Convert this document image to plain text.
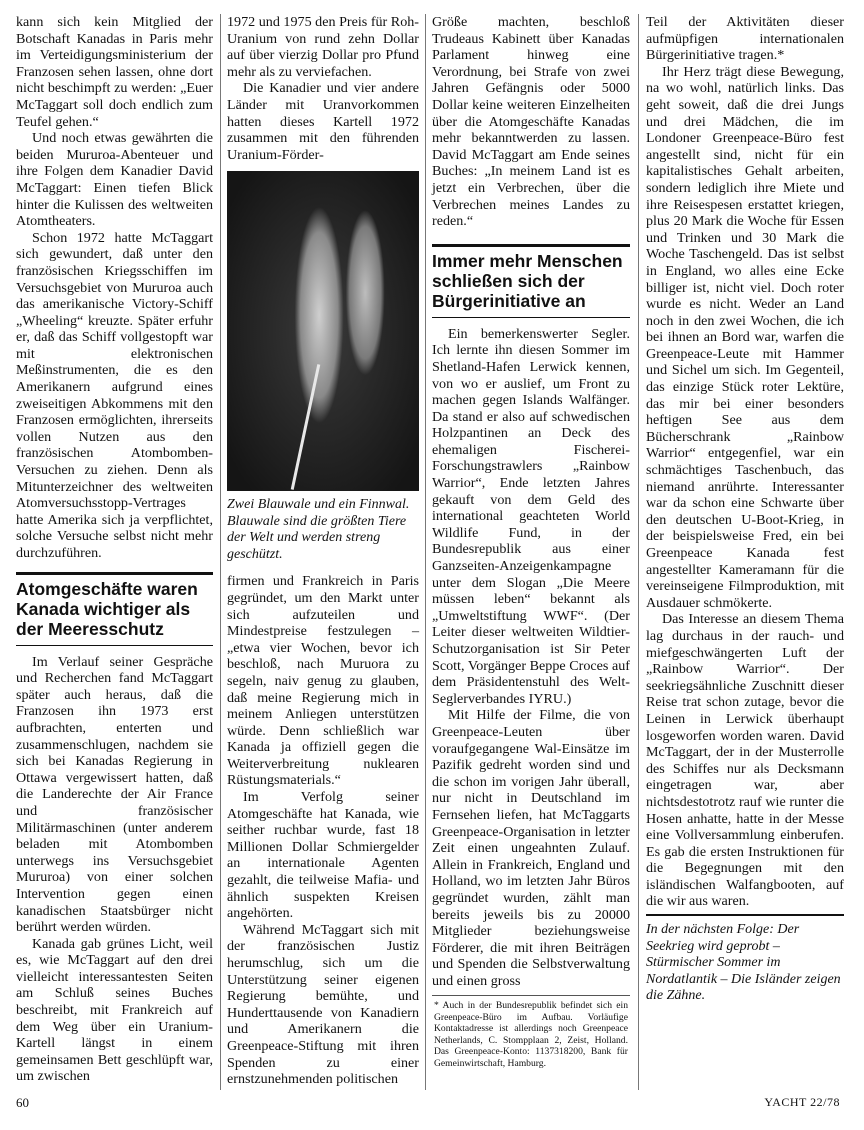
kann sich kein Mitglied der Botschaft Kanadas in Paris mehr im Verteidigungsministerium der Franzosen sehen lassen, ohne dort nicht beschimpft zu werden: „Euer McTaggart soll doch endlich zum Teufel gehen.“

Und noch etwas gewährten die beiden Mururoa-Abenteuer und ihre Folgen dem Kanadier David McTaggart: Einen tiefen Blick hinter die Kulissen des weltweiten Atomtheaters.

Schon 1972 hatte McTaggart sich gewundert, daß unter den französischen Kriegsschiffen im Versuchsgebiet von Mururoa auch das amerikanische Victory-Schiff „Wheeling“ kreuzte. Später erfuhr er, daß das Schiff vollgestopft war mit elektronischen Meßinstrumenten, die es den Amerikanern aufgrund eines zweiseitigen Abkommens mit den Franzosen ermöglichten, ihrerseits vollen Nutzen aus den französischen Atombomben-Versuchen zu ziehen. Denn als Mitunterzeichner des weltweiten Atomversuchsstopp-Vertrages hatte Amerika sich ja verpflichtet, solche Versuche selbst nicht mehr durchzuführen.

Atomgeschäfte waren Kanada wichtiger als der Meeresschutz

Im Verlauf seiner Gespräche und Recherchen fand McTaggart später auch heraus, daß die Franzosen ihn 1973 erst aufbrachten, enterten und zusammenschlugen, nachdem sie sich bei Kanadas Regierung in Ottawa vergewissert hatten, daß die Landerechte der Air France und französischer Militärmaschinen (unter anderem beladen mit Atombomben unterwegs ins Versuchsgebiet Mururoa) von einer solchen Intervention gegen einen kanadischen Staatsbürger nicht berührt werden würden.

Kanada gab grünes Licht, weil es, wie McTaggart auf den drei vielleicht interessantesten Seiten am Schluß seines Buches beschreibt, mit Frankreich auf dem Weg über ein Uranium-Kartell längst in einem gemeinsamen Bett geschlüpft war, um zwischen

1972 und 1975 den Preis für Roh-Uranium von rund zehn Dollar auf über vierzig Dollar pro Pfund mehr als zu verviefachen.

Die Kanadier und vier andere Länder mit Uranvorkommen hatten dieses Kartell 1972 zusammen mit den führenden Uranium-Förder-

Zwei Blauwale und ein Finnwal. Blauwale sind die größten Tiere der Welt und werden streng geschützt.

firmen und Frankreich in Paris gegründet, um den Markt unter sich aufzuteilen und Mindestpreise festzulegen – „etwa vier Wochen, bevor ich beschloß, nach Muruora zu segeln, naiv genug zu glauben, daß meine Regierung mich in meinem Anliegen unterstützen würde. Denn schließlich war Kanada ja offiziell gegen die Weiterverbreitung nuklearen Rüstungsmaterials.“

Im Verfolg seiner Atomgeschäfte hat Kanada, wie seither ruchbar wurde, fast 18 Millionen Dollar Schmiergelder an internationale Agenten gezahlt, die teilweise Mafia- und ähnlich suspekten Kreisen angehörten.

Während McTaggart sich mit der französischen Justiz herumschlug, sich um die Unterstützung seiner eigenen Regierung bemühte, und Hunderttausende von Kanadiern und Amerikanern die Greenpeace-Stiftung mit ihren Spenden zu einer ernstzunehmenden politischen

Größe machten, beschloß Trudeaus Kabinett über Kanadas Parlament hinweg eine Verordnung, bei Strafe von zwei Jahren Gefängnis oder 5000 Dollar keine weiteren Einzelheiten über die Atomgeschäfte Kanadas mehr bekanntwerden zu lassen. David McTaggart am Ende seines Buches: „In meinem Land ist es jetzt ein Verbrechen, über die Verbrechen meines Landes zu reden.“

Immer mehr Menschen schließen sich der Bürgerinitiative an

Ein bemerkenswerter Segler. Ich lernte ihn diesen Sommer im Shetland-Hafen Lerwick kennen, von wo er auslief, um Front zu machen gegen Islands Walfänger. Da stand er also auf schwedischen Holzpantinen an Deck des ehemaligen Fischerei-Forschungstrawlers „Rainbow Warrior“, Ende letzten Jahres gekauft von dem Geld des international geachteten World Wildlife Fund, in der Bundesrepublik aus einer Ganzseiten-Anzeigenkampagne unter dem Slogan „Die Meere müssen leben“ bekannt als „Umweltstiftung WWF“. (Der Leiter dieser weltweiten Wildtier-Schutzorganisation ist Sir Peter Scott, Vorgänger Beppe Croces auf dem Präsidentenstuhl des Welt-Seglerverbandes IYRU.)

Mit Hilfe der Filme, die von Greenpeace-Leuten über voraufgegangene Wal-Einsätze im Pazifik gedreht worden sind und die schon im vorigen Jahr überall, nur nicht in Deutschland im Fernsehen liefen, hat McTaggarts Greenpeace-Organisation in letzter Zeit einen ungeahnten Zulauf. Allein in Frankreich, England und Holland, wo im letzten Jahr Büros gegründet wurden, zählt man bereits jeweils bis zu 20000 Mitglieder beziehungsweise Förderer, die mit ihren Beiträgen und Spenden die Selbstverwaltung und einen gross

* Auch in der Bundesrepublik befindet sich ein Greenpeace-Büro im Aufbau. Vorläufige Kontaktadresse ist allerdings noch Greenpeace Netherlands, C. Stompplaan 2, Zeist, Holland. Das Greenpeace-Konto: 1137318200, Bank für Gemeinwirtschaft, Hamburg.

Teil der Aktivitäten dieser aufmüpfigen internationalen Bürgerinitiative tragen.*

Ihr Herz trägt diese Bewegung, na wo wohl, natürlich links. Das geht soweit, daß die drei Jungs und drei Mädchen, die im Londoner Greenpeace-Büro fest angestellt sind, nicht für ein kapitalistisches Gehalt arbeiten, sondern lediglich ihre Miete und ihre Reisespesen erstattet kriegen, plus 20 Mark die Woche für Essen und Trinken und 30 Mark die Woche Taschengeld. Das ist selbst in England, wo alles eine Ecke billiger ist, nicht viel. Doch roter wurde es nicht. Weder an Land noch in den zwei Wochen, die ich bei ihnen an Bord war, warfen die Greenpeace-Leute mit Hammer und Sichel um sich. Im Gegenteil, das einzige Stück roter Lektüre, das mir bei einer besonders heftigen See aus dem Bücherschrank „Rainbow Warrior“ entgegenfiel, war ein schmächtiges Taschenbuch, das niemand anrührte. Interessanter war da schon eine Schwarte über den deutschen U-Boot-Krieg, in der beispielsweise Fred, ein bei Greenpeace Kanada fest angestellter Kameramann für die vereinseigene Filmproduktion, mit Ausdauer schmökerte.

Das Interesse an diesem Thema lag durchaus in der rauch- und miefgeschwängerten Luft der „Rainbow Warrior“. Der seekriegsähnliche Zuschnitt dieser Reise trat schon zutage, bevor die Leinen in Lerwick überhaupt losgeworfen worden waren. David McTaggart, der in der Musterrolle des Schiffes nur als Decksmann eingetragen war, aber nichtsdestotrotz rauf wie runter die Hosen anhatte, hatte in der Messe eine Vollversammlung einberufen. Es gab die ersten Instruktionen für die Begegnungen mit den isländischen Walfangbooten, auf die wir aus waren.

In der nächsten Folge: Der Seekrieg wird geprobt – Stürmischer Sommer im Nordatlantik – Die Isländer zeigen die Zähne.
60	YACHT 22/78
